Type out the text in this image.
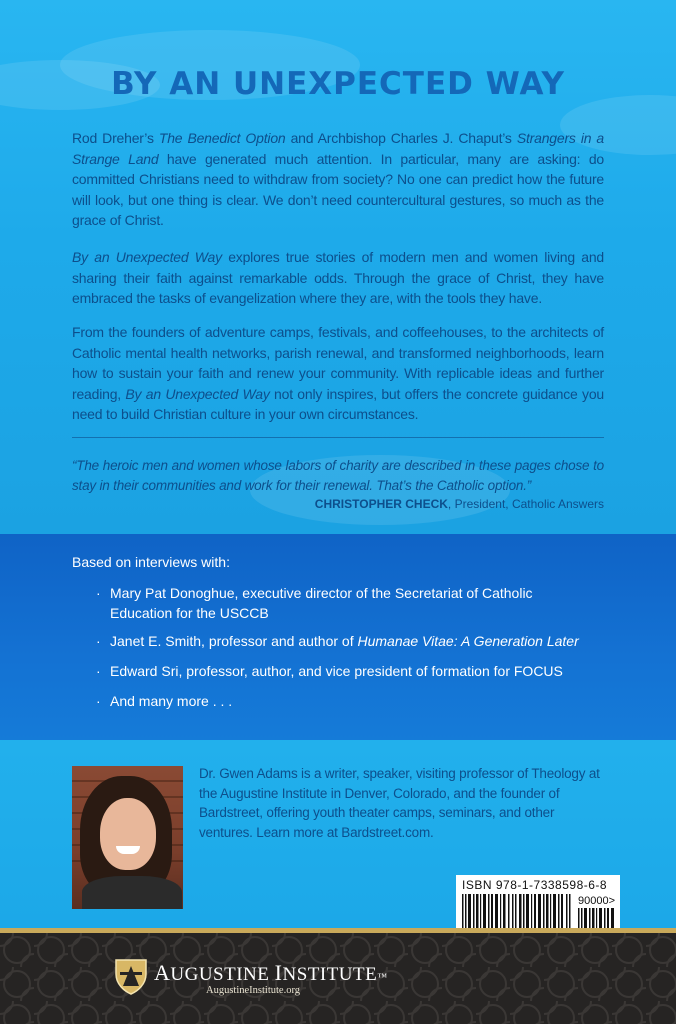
BY AN UNEXPECTED WAY

Rod Dreher’s The Benedict Option and Archbishop Charles J. Chaput’s Strangers in a Strange Land have generated much attention. In particular, many are asking: do committed Christians need to withdraw from society? No one can predict how the future will look, but one thing is clear. We don’t need countercultural gestures, so much as the grace of Christ.

By an Unexpected Way explores true stories of modern men and women living and sharing their faith against remarkable odds. Through the grace of Christ, they have embraced the tasks of evangelization where they are, with the tools they have.

From the founders of adventure camps, festivals, and coffeehouses, to the architects of Catholic mental health networks, parish renewal, and transformed neighborhoods, learn how to sustain your faith and renew your community. With replicable ideas and further reading, By an Unexpected Way not only inspires, but offers the concrete guidance you need to build Christian culture in your own circumstances.

“The heroic men and women whose labors of charity are described in these pages chose to stay in their communities and work for their renewal. That’s the Catholic option.”

CHRISTOPHER CHECK, President, Catholic Answers

Based on interviews with:

· Mary Pat Donoghue, executive director of the Secretariat of Catholic Education for the USCCB
· Janet E. Smith, professor and author of Humanae Vitae: A Generation Later
· Edward Sri, professor, author, and vice president of formation for FOCUS
· And many more . . .

Dr. Gwen Adams is a writer, speaker, visiting professor of Theology at the Augustine Institute in Denver, Colorado, and the founder of Bardstreet, offering youth theater camps, seminars, and other ventures. Learn more at Bardstreet.com.

ISBN 978-1-7338598-6-8

90000>

AUGUSTINE INSTITUTE™

AugustineInstitute.org
